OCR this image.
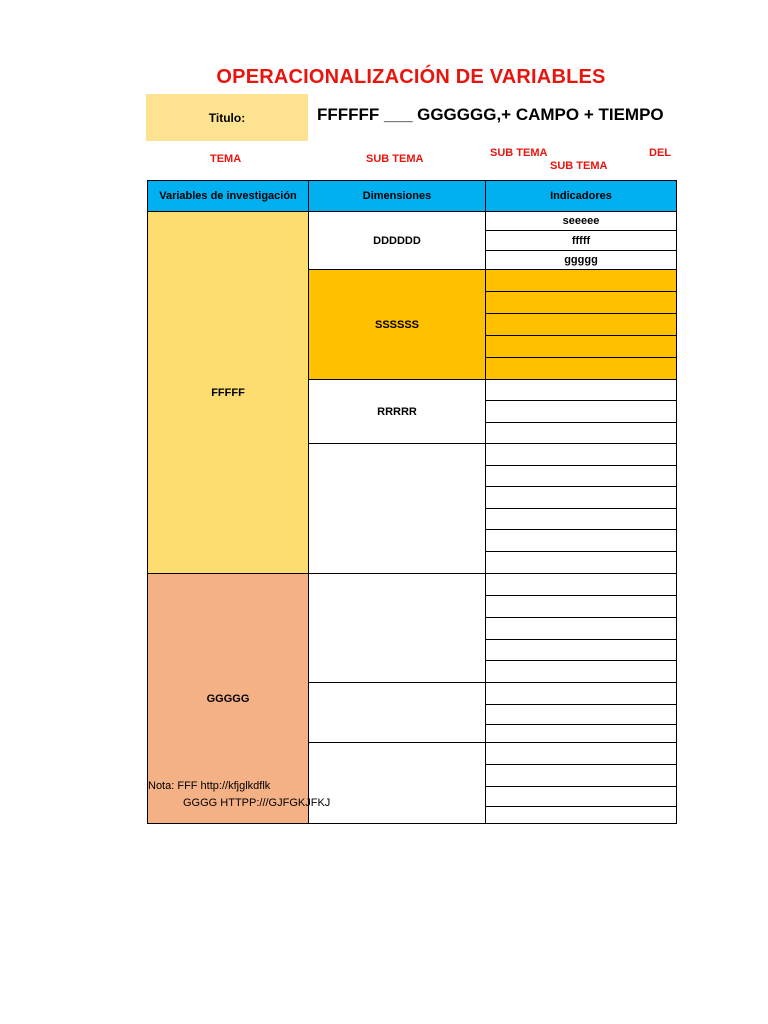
OPERACIONALIZACIÓN DE VARIABLES
Titulo:	FFFFFF ___ GGGGGG,+ CAMPO + TIEMPO
TEMA	SUB TEMA	SUB TEMA	DEL
SUB TEMA
Variables de investigación	Dimensiones	Indicadores
FFFFF	DDDDDD	seeeee
		fffff
		ggggg
	SSSSSS	

	RRRRR	

GGGGG		

Nota: FFF http://kfjglkdflk
GGGG HTTPP:///GJFGKJFKJ
